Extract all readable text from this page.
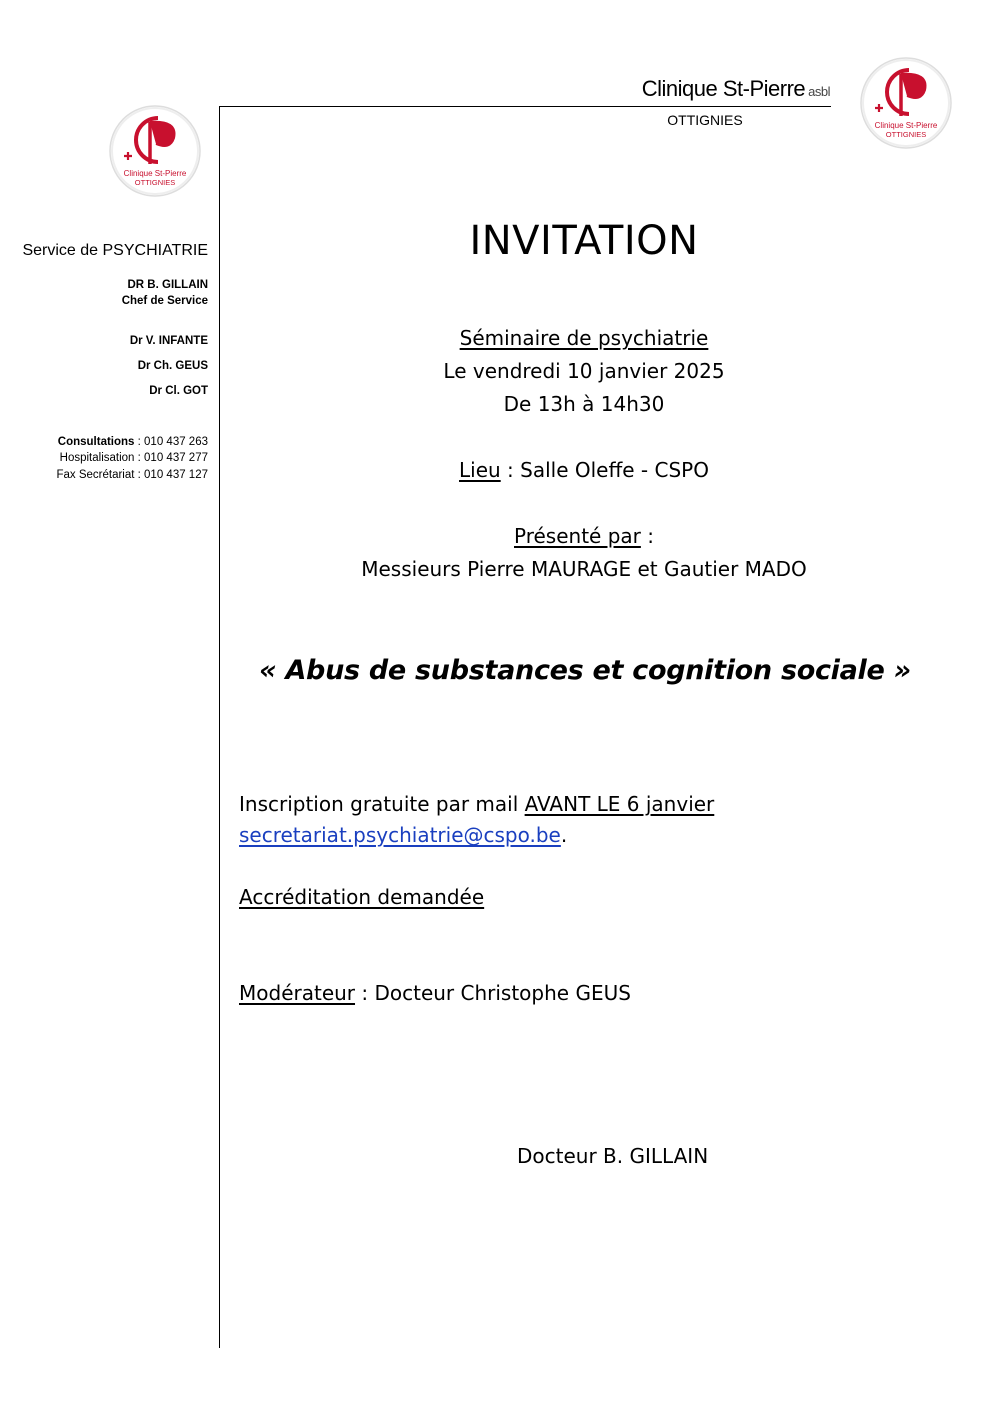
Clinique St-Pierre
OTTIGNIES
Clinique St-Pierre
OTTIGNIES
Clinique St-Pierre asbl
OTTIGNIES
Service de PSYCHIATRIE
DR B. GILLAIN
Chef de Service
Dr V. INFANTE
Dr Ch. GEUS
Dr Cl. GOT
Consultations : 010 437 263
Hospitalisation : 010 437 277
Fax Secrétariat : 010 437 127
INVITATION
Séminaire de psychiatrie
Le vendredi 10 janvier 2025
De 13h à 14h30
Lieu : Salle Oleffe - CSPO
Présenté par :
Messieurs Pierre MAURAGE et Gautier MADO
« Abus de substances et cognition sociale »
Inscription gratuite par mail AVANT LE 6 janvier
secretariat.psychiatrie@cspo.be.
Accréditation demandée
Modérateur : Docteur Christophe GEUS
Docteur B. GILLAIN
